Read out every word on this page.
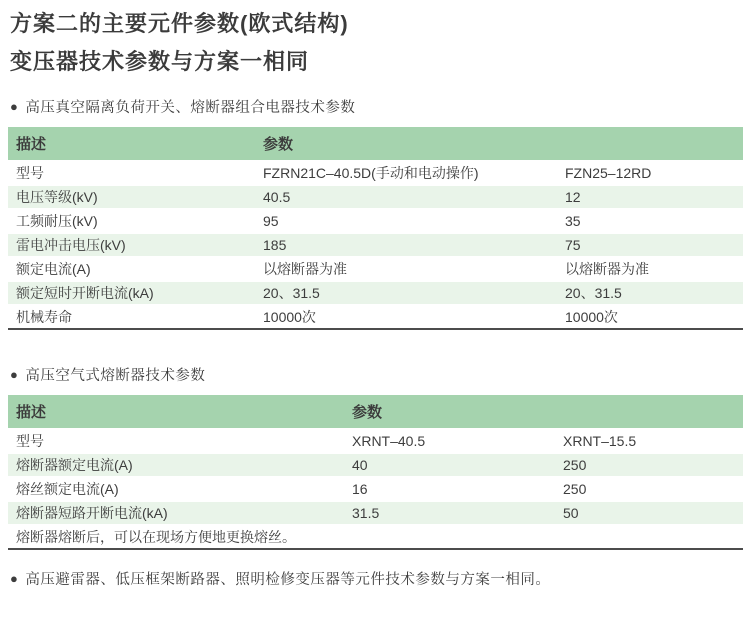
方案二的主要元件参数(欧式结构)
变压器技术参数与方案一相同
● 高压真空隔离负荷开关、熔断器组合电器技术参数
描述	参数	
型号	FZRN21C–40.5D(手动和电动操作)	FZN25–12RD
电压等级(kV)	40.5	12
工频耐压(kV)	95	35
雷电冲击电压(kV)	185	75
额定电流(A)	以熔断器为准	以熔断器为准
额定短时开断电流(kA)	20、31.5	20、31.5
机械寿命	10000次	10000次
● 高压空气式熔断器技术参数
描述	参数	
型号	XRNT–40.5	XRNT–15.5
熔断器额定电流(A)	40	250
熔丝额定电流(A)	16	250
熔断器短路开断电流(kA)	31.5	50
熔断器熔断后，可以在现场方便地更换熔丝。		
● 高压避雷器、低压框架断路器、照明检修变压器等元件技术参数与方案一相同。
